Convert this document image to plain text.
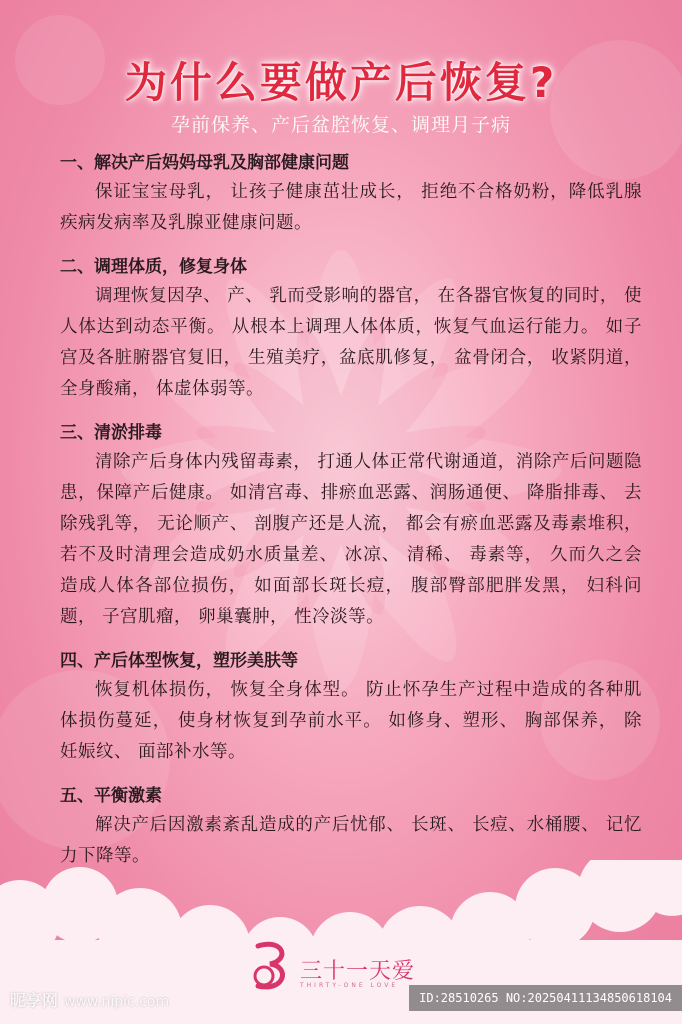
为什么要做产后恢复?
孕前保养、产后盆腔恢复、调理月子病
一、解决产后妈妈母乳及胸部健康问题
保证宝宝母乳， 让孩子健康茁壮成长， 拒绝不合格奶粉，降低乳腺疾病发病率及乳腺亚健康问题。
二、调理体质，修复身体
调理恢复因孕、 产、 乳而受影响的器官， 在各器官恢复的同时， 使人体达到动态平衡。 从根本上调理人体体质，恢复气血运行能力。 如子宫及各脏腑器官复旧， 生殖美疗，盆底肌修复， 盆骨闭合， 收紧阴道， 全身酸痛， 体虚体弱等。
三、清淤排毒
清除产后身体内残留毒素， 打通人体正常代谢通道，消除产后问题隐患，保障产后健康。 如清宫毒、排瘀血恶露、润肠通便、 降脂排毒、 去除残乳等， 无论顺产、 剖腹产还是人流， 都会有瘀血恶露及毒素堆积， 若不及时清理会造成奶水质量差、 冰凉、 清稀、 毒素等， 久而久之会造成人体各部位损伤， 如面部长斑长痘， 腹部臀部肥胖发黑， 妇科问题， 子宫肌瘤， 卵巢囊肿， 性冷淡等。
四、产后体型恢复，塑形美肤等
恢复机体损伤， 恢复全身体型。 防止怀孕生产过程中造成的各种肌体损伤蔓延， 使身材恢复到孕前水平。 如修身、塑形、 胸部保养， 除妊娠纹、 面部补水等。
五、平衡激素
解决产后因激素紊乱造成的产后忧郁、 长斑、 长痘、水桶腰、 记忆力下降等。
三十一天爱
THIRTY-ONE LOVE
昵享网 www.nipic.com	ID:28510265 NO:20250411134850618104
